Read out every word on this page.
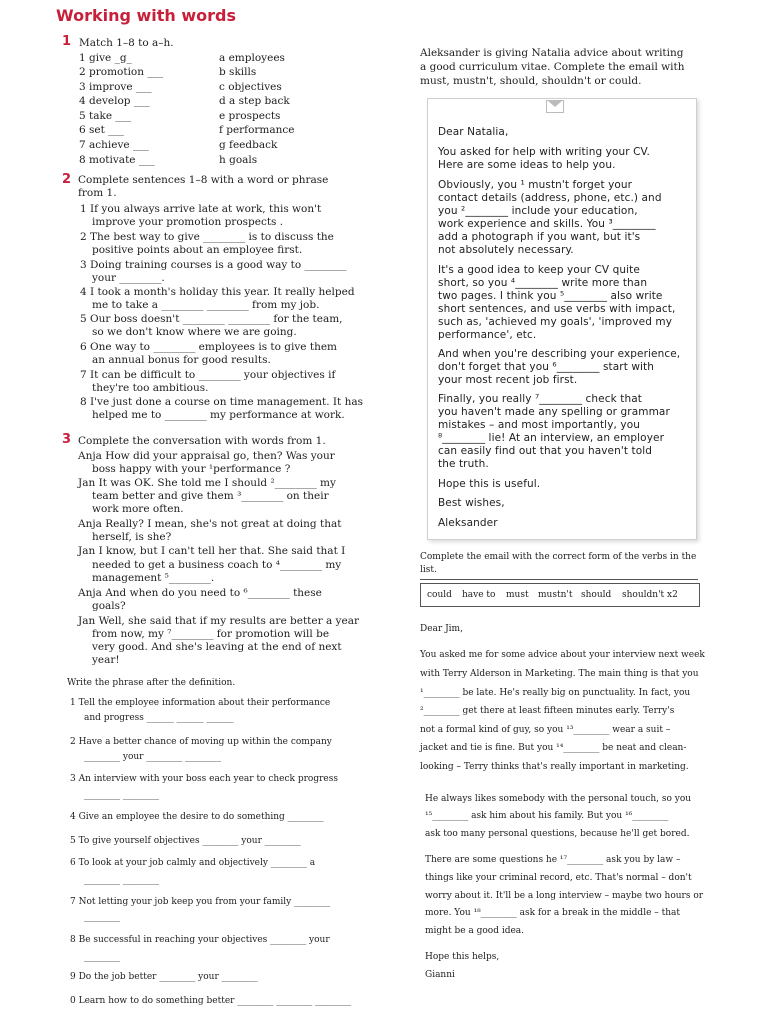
Working with words
1
2
3
Match 1–8 to a–h.
1 give _g_
2 promotion ___
3 improve ___
4 develop ___
5 take ___
6 set ___
7 achieve ___
8 motivate ___
a employees
b skills
c objectives
d a step back
e prospects
f performance
g feedback
h goals
Complete sentences 1–8 with a word or phrase
from 1.
1 If you always arrive late at work, this won't
improve your promotion prospects .
2 The best way to give ________ is to discuss the
positive points about an employee first.
3 Doing training courses is a good way to ________
your ________.
4 I took a month's holiday this year. It really helped
me to take a ________ ________ from my job.
5 Our boss doesn't ________ ________ for the team,
so we don't know where we are going.
6 One way to ________ employees is to give them
an annual bonus for good results.
7 It can be difficult to ________ your objectives if
they're too ambitious.
8 I've just done a course on time management. It has
helped me to ________ my performance at work.
Complete the conversation with words from 1.
Anja How did your appraisal go, then? Was your
boss happy with your ¹performance ?
Jan It was OK. She told me I should ²________ my
team better and give them ³________ on their
work more often.
Anja Really? I mean, she's not great at doing that
herself, is she?
Jan I know, but I can't tell her that. She said that I
needed to get a business coach to ⁴________ my
management ⁵________.
Anja And when do you need to ⁶________ these
goals?
Jan Well, she said that if my results are better a year
from now, my ⁷________ for promotion will be
very good. And she's leaving at the end of next
year!
Write the phrase after the definition.
1 Tell the employee information about their performance
and progress ______ ______ ______
2 Have a better chance of moving up within the company
________ your ________ ________
3 An interview with your boss each year to check progress
________ ________
4 Give an employee the desire to do something ________
5 To give yourself objectives ________ your ________
6 To look at your job calmly and objectively ________ a
________ ________
7 Not letting your job keep you from your family ________
________
8 Be successful in reaching your objectives ________ your
________
9 Do the job better ________ your ________
0 Learn how to do something better ________ ________ ________
Aleksander is giving Natalia advice about writing
a good curriculum vitae. Complete the email with
must, mustn't, should, shouldn't or could.
Dear Natalia,
You asked for help with writing your CV.
Here are some ideas to help you.
Obviously, you ¹ mustn't forget your
contact details (address, phone, etc.) and
you ²________ include your education,
work experience and skills. You ³________
add a photograph if you want, but it's
not absolutely necessary.
It's a good idea to keep your CV quite
short, so you ⁴________ write more than
two pages. I think you ⁵________ also write
short sentences, and use verbs with impact,
such as, 'achieved my goals', 'improved my
performance', etc.
And when you're describing your experience,
don't forget that you ⁶________ start with
your most recent job first.
Finally, you really ⁷________ check that
you haven't made any spelling or grammar
mistakes – and most importantly, you
⁸________ lie! At an interview, an employer
can easily find out that you haven't told
the truth.
Hope this is useful.
Best wishes,
Aleksander
Complete the email with the correct form of the verbs in the
list.
could have to must mustn't should shouldn't x2
Dear Jim,
You asked me for some advice about your interview next week
with Terry Alderson in Marketing. The main thing is that you
¹________ be late. He's really big on punctuality. In fact, you
²________ get there at least fifteen minutes early. Terry's
not a formal kind of guy, so you ¹³________ wear a suit –
jacket and tie is fine. But you ¹⁴________ be neat and clean-
looking – Terry thinks that's really important in marketing.
He always likes somebody with the personal touch, so you
¹⁵________ ask him about his family. But you ¹⁶________
ask too many personal questions, because he'll get bored.
There are some questions he ¹⁷________ ask you by law –
things like your criminal record, etc. That's normal – don't
worry about it. It'll be a long interview – maybe two hours or
more. You ¹⁸________ ask for a break in the middle – that
might be a good idea.
Hope this helps,
Gianni
